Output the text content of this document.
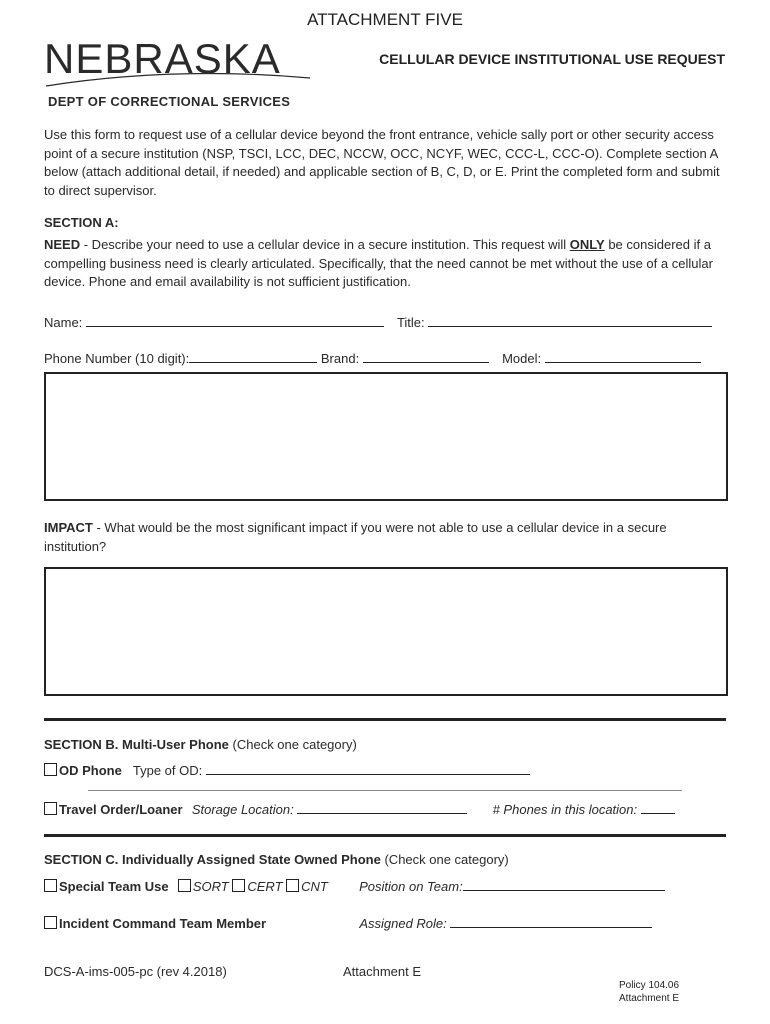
ATTACHMENT FIVE
NEBRASKA
DEPT OF CORRECTIONAL SERVICES
CELLULAR DEVICE INSTITUTIONAL USE REQUEST
Use this form to request use of a cellular device beyond the front entrance, vehicle sally port or other security access point of a secure institution (NSP, TSCI, LCC, DEC, NCCW, OCC, NCYF, WEC, CCC-L, CCC-O). Complete section A below (attach additional detail, if needed) and applicable section of B, C, D, or E. Print the completed form and submit to direct supervisor.
SECTION A:
NEED - Describe your need to use a cellular device in a secure institution. This request will ONLY be considered if a compelling business need is clearly articulated. Specifically, that the need cannot be met without the use of a cellular device. Phone and email availability is not sufficient justification.
Name:	Title:
Phone Number (10 digit):	Brand:	Model:
IMPACT - What would be the most significant impact if you were not able to use a cellular device in a secure institution?
SECTION B. Multi-User Phone (Check one category)
OD Phone Type of OD:
Travel Order/Loaner Storage Location:	# Phones in this location:
SECTION C. Individually Assigned State Owned Phone (Check one category)
Special Team Use SORT CERT CNT Position on Team:
Incident Command Team Member	Assigned Role:
DCS-A-ims-005-pc (rev 4.2018)	Attachment E
Policy 104.06
Attachment E
